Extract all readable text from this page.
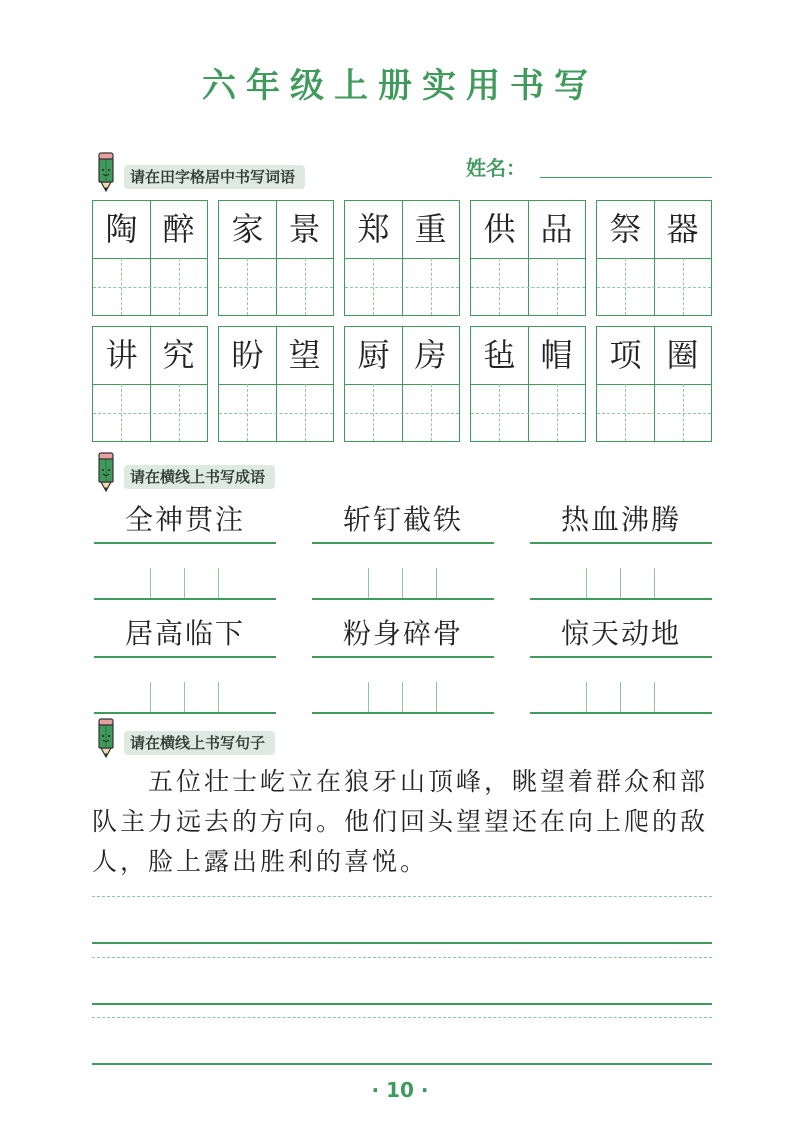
六年级上册实用书写
请在田字格居中书写词语	姓名：
陶 醉	家 景	郑 重	供 品	祭 器
讲 究	盼 望	厨 房	毡 帽	项 圈
请在横线上书写成语
全神贯注	斩钉截铁	热血沸腾
居高临下	粉身碎骨	惊天动地
请在横线上书写句子
五位壮士屹立在狼牙山顶峰，眺望着群众和部队主力远去的方向。他们回头望望还在向上爬的敌人，脸上露出胜利的喜悦。
· 10 ·
